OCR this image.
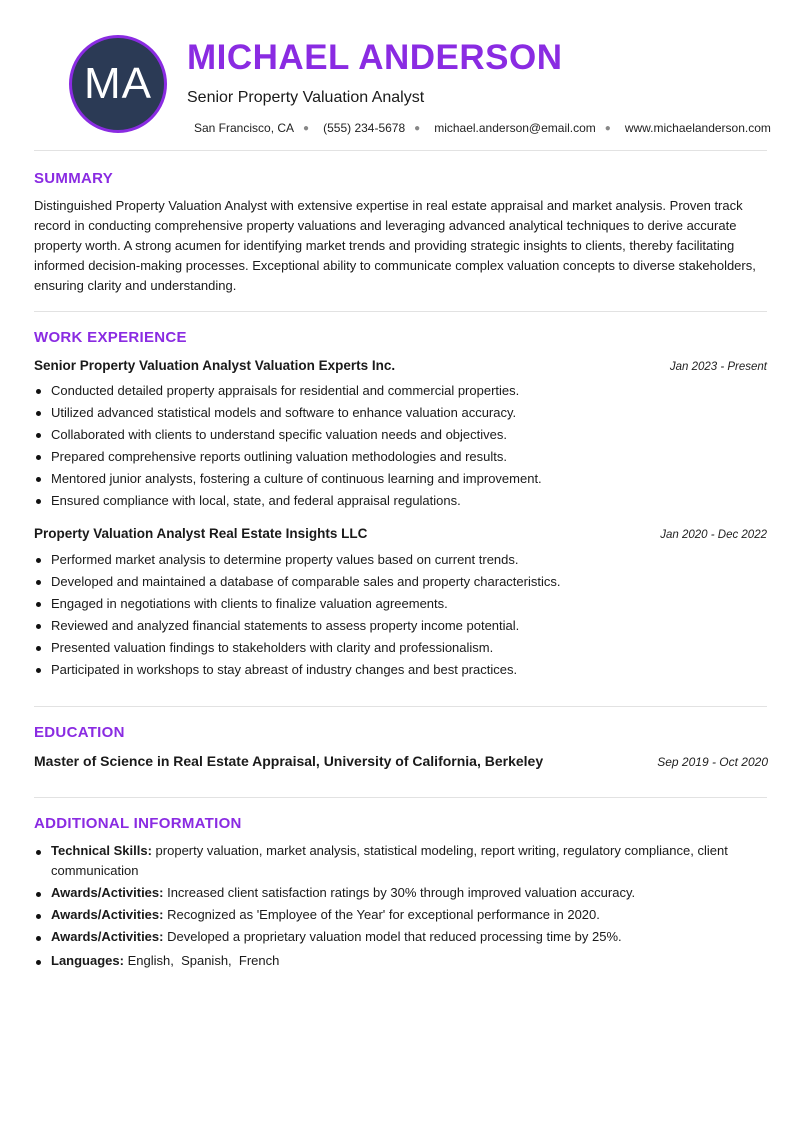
MA
MICHAEL ANDERSON
Senior Property Valuation Analyst
San Francisco, CA ● (555) 234-5678 ● michael.anderson@email.com ● www.michaelanderson.com
SUMMARY

Distinguished Property Valuation Analyst with extensive expertise in real estate appraisal and market analysis. Proven track record in conducting comprehensive property valuations and leveraging advanced analytical techniques to derive accurate property worth. A strong acumen for identifying market trends and providing strategic insights to clients, thereby facilitating informed decision-making processes. Exceptional ability to communicate complex valuation concepts to diverse stakeholders, ensuring clarity and understanding.

WORK EXPERIENCE
Senior Property Valuation Analyst Valuation Experts Inc.	Jan 2023 - Present
Conducted detailed property appraisals for residential and commercial properties.
Utilized advanced statistical models and software to enhance valuation accuracy.
Collaborated with clients to understand specific valuation needs and objectives.
Prepared comprehensive reports outlining valuation methodologies and results.
Mentored junior analysts, fostering a culture of continuous learning and improvement.
Ensured compliance with local, state, and federal appraisal regulations.
Property Valuation Analyst Real Estate Insights LLC	Jan 2020 - Dec 2022
Performed market analysis to determine property values based on current trends.
Developed and maintained a database of comparable sales and property characteristics.
Engaged in negotiations with clients to finalize valuation agreements.
Reviewed and analyzed financial statements to assess property income potential.
Presented valuation findings to stakeholders with clarity and professionalism.
Participated in workshops to stay abreast of industry changes and best practices.
EDUCATION
Master of Science in Real Estate Appraisal, University of California, Berkeley	Sep 2019 - Oct 2020
ADDITIONAL INFORMATION
Technical Skills: property valuation, market analysis, statistical modeling, report writing, regulatory compliance, client communication
Awards/Activities: Increased client satisfaction ratings by 30% through improved valuation accuracy.
Awards/Activities: Recognized as 'Employee of the Year' for exceptional performance in 2020.
Awards/Activities: Developed a proprietary valuation model that reduced processing time by 25%.
Languages: English,  Spanish,  French
